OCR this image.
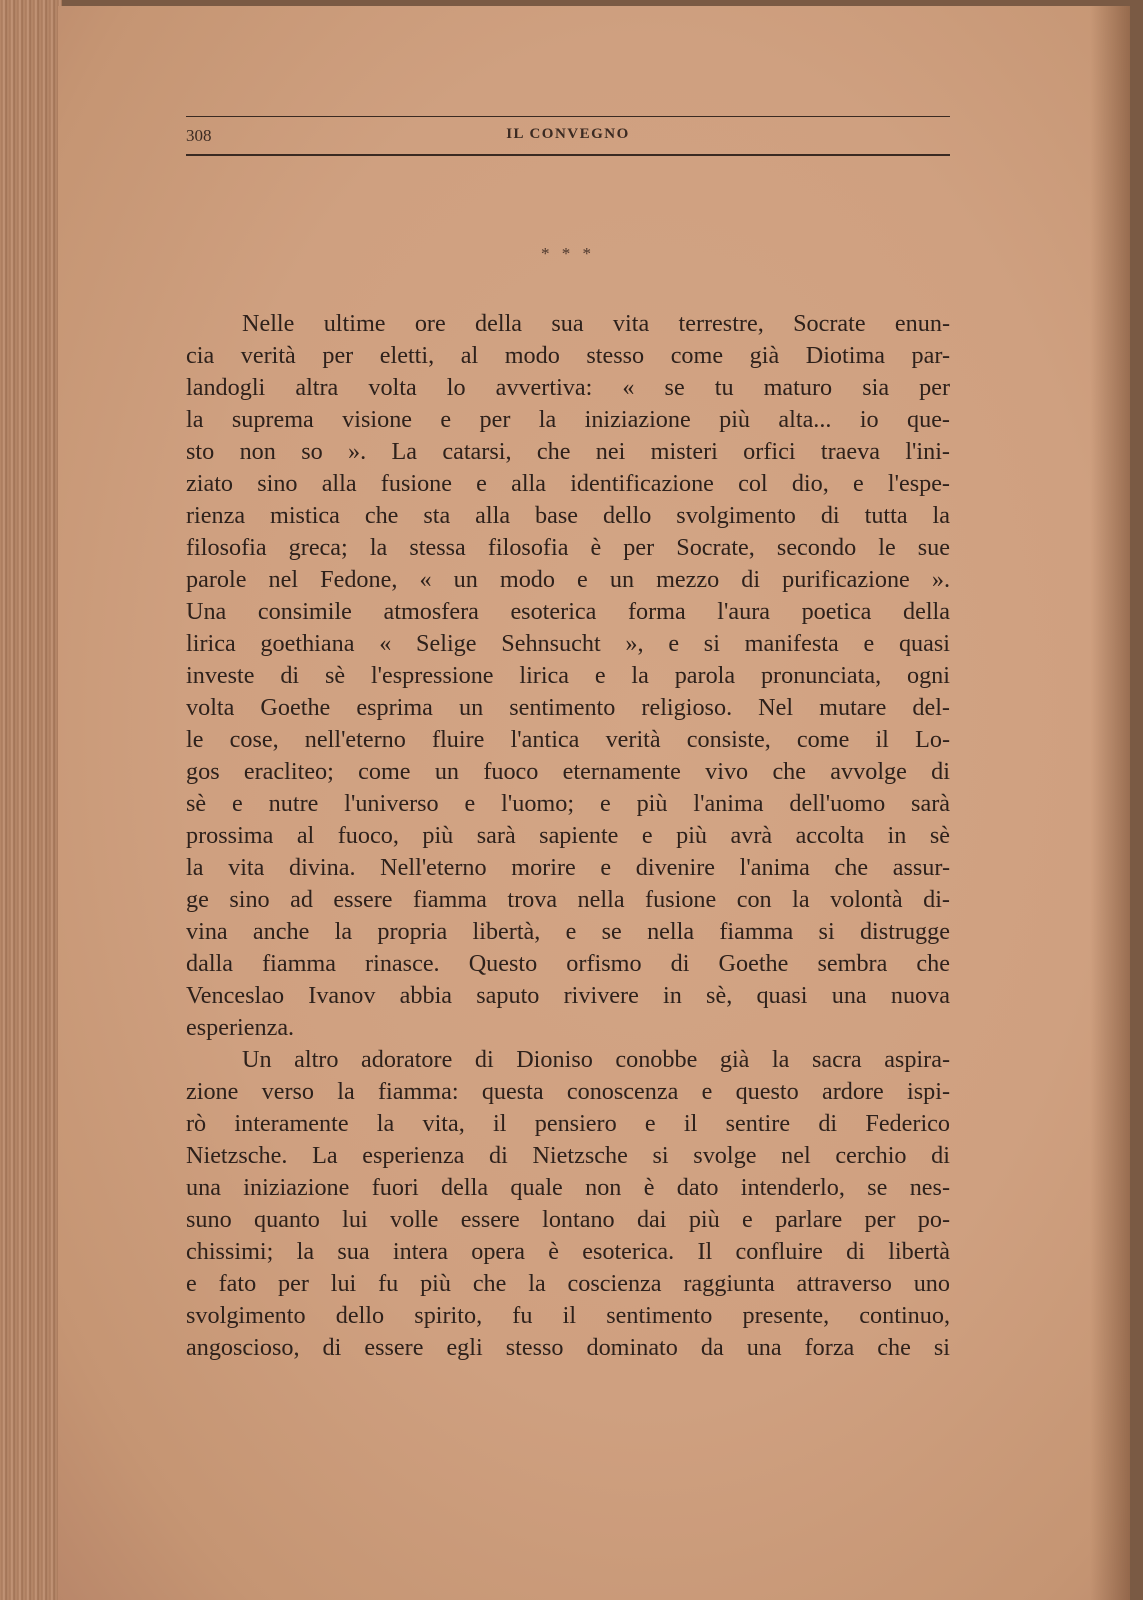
308	IL CONVEGNO
* * *

Nelle ultime ore della sua vita terrestre, Socrate enun-
cia verità per eletti, al modo stesso come già Diotima par-
landogli altra volta lo avvertiva: « se tu maturo sia per
la suprema visione e per la iniziazione più alta... io que-
sto non so ». La catarsi, che nei misteri orfici traeva l'ini-
ziato sino alla fusione e alla identificazione col dio, e l'espe-
rienza mistica che sta alla base dello svolgimento di tutta la
filosofia greca; la stessa filosofia è per Socrate, secondo le sue
parole nel Fedone, « un modo e un mezzo di purificazione ».
Una consimile atmosfera esoterica forma l'aura poetica della
lirica goethiana « Selige Sehnsucht », e si manifesta e quasi
investe di sè l'espressione lirica e la parola pronunciata, ogni
volta Goethe esprima un sentimento religioso. Nel mutare del-
le cose, nell'eterno fluire l'antica verità consiste, come il Lo-
gos eracliteo; come un fuoco eternamente vivo che avvolge di
sè e nutre l'universo e l'uomo; e più l'anima dell'uomo sarà
prossima al fuoco, più sarà sapiente e più avrà accolta in sè
la vita divina. Nell'eterno morire e divenire l'anima che assur-
ge sino ad essere fiamma trova nella fusione con la volontà di-
vina anche la propria libertà, e se nella fiamma si distrugge
dalla fiamma rinasce. Questo orfismo di Goethe sembra che
Venceslao Ivanov abbia saputo rivivere in sè, quasi una nuova
esperienza.

Un altro adoratore di Dioniso conobbe già la sacra aspira-
zione verso la fiamma: questa conoscenza e questo ardore ispi-
rò interamente la vita, il pensiero e il sentire di Federico
Nietzsche. La esperienza di Nietzsche si svolge nel cerchio di
una iniziazione fuori della quale non è dato intenderlo, se nes-
suno quanto lui volle essere lontano dai più e parlare per po-
chissimi; la sua intera opera è esoterica. Il confluire di libertà
e fato per lui fu più che la coscienza raggiunta attraverso uno
svolgimento dello spirito, fu il sentimento presente, continuo,
angoscioso, di essere egli stesso dominato da una forza che si
